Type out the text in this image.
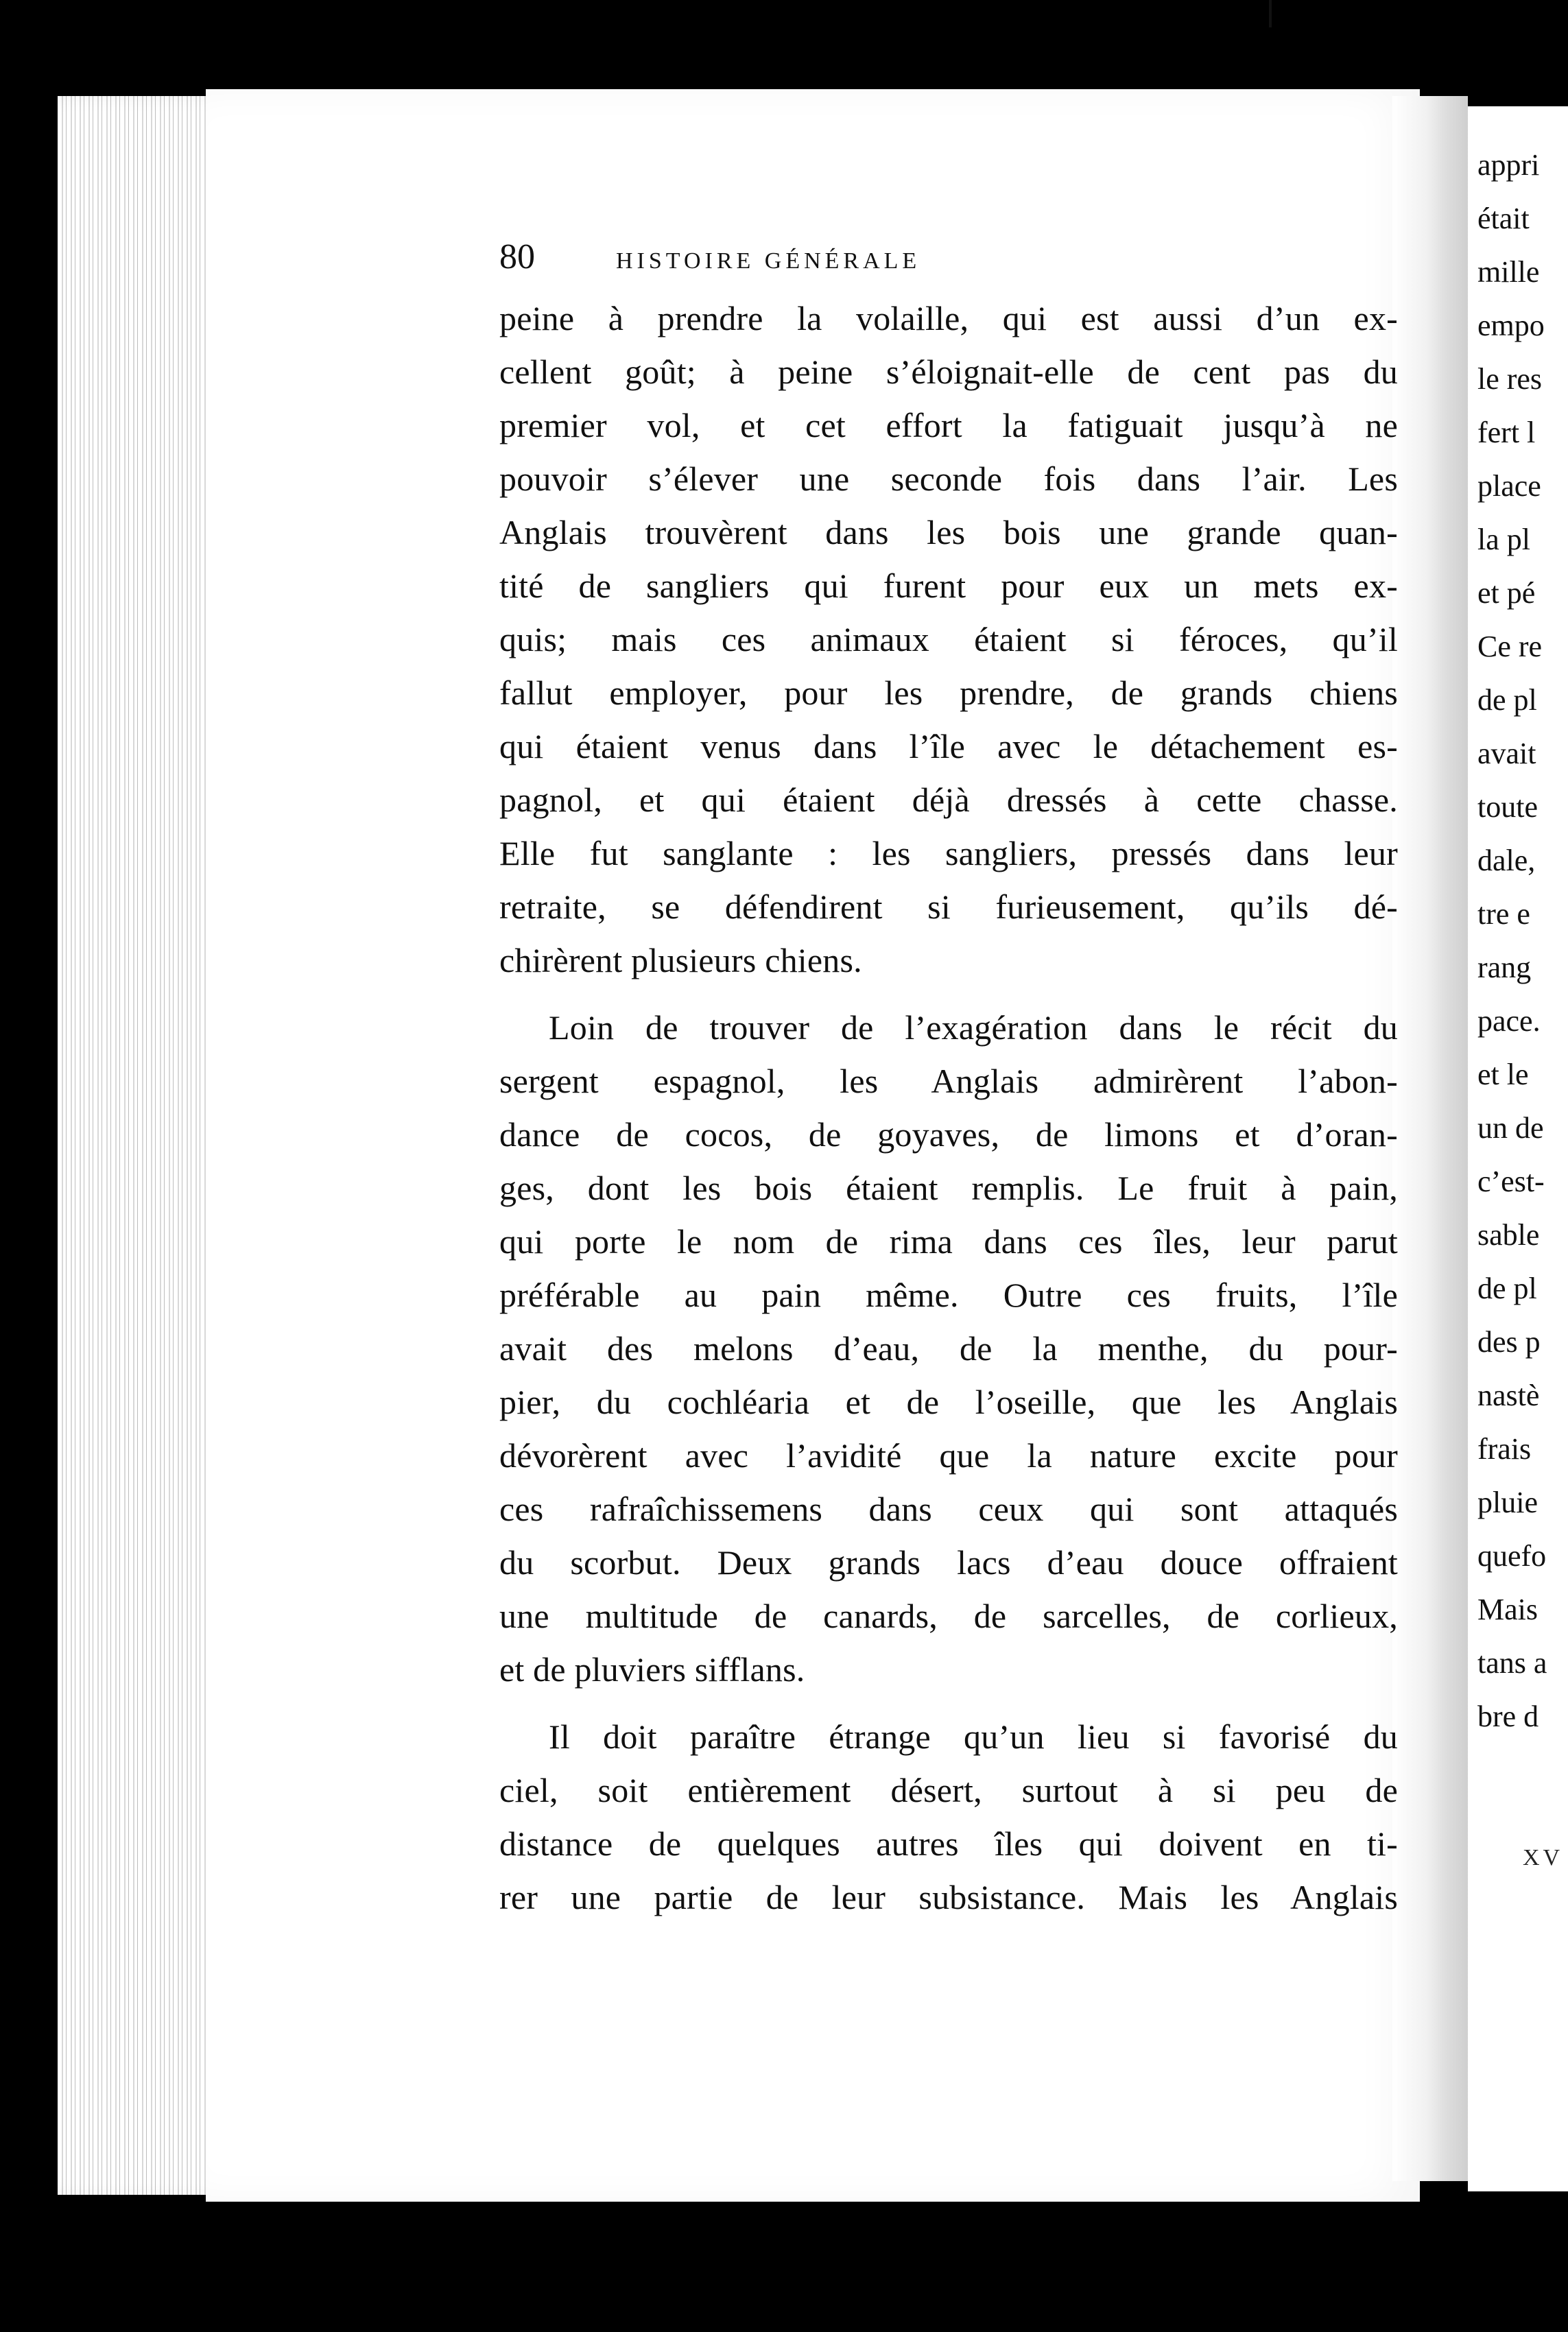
appri
était
mille
empo
le res
fert l
place
la pl
et pé
Ce re
de pl
avait
toute
dale,
tre e
rang
pace.
et le
un de
c’est-
sable
de pl
des p
nastè
frais
pluie
quefo
Mais
tans a
bre d
XV
80	HISTOIRE GÉNÉRALE
peine à prendre la volaille, qui est aussi d’un ex-
cellent goût; à peine s’éloignait-elle de cent pas du
premier vol, et cet effort la fatiguait jusqu’à ne
pouvoir s’élever une seconde fois dans l’air. Les
Anglais trouvèrent dans les bois une grande quan-
tité de sangliers qui furent pour eux un mets ex-
quis; mais ces animaux étaient si féroces, qu’il
fallut employer, pour les prendre, de grands chiens
qui étaient venus dans l’île avec le détachement es-
pagnol, et qui étaient déjà dressés à cette chasse.
Elle fut sanglante : les sangliers, pressés dans leur
retraite, se défendirent si furieusement, qu’ils dé-
chirèrent plusieurs chiens.
Loin de trouver de l’exagération dans le récit du
sergent espagnol, les Anglais admirèrent l’abon-
dance de cocos, de goyaves, de limons et d’oran-
ges, dont les bois étaient remplis. Le fruit à pain,
qui porte le nom de rima dans ces îles, leur parut
préférable au pain même. Outre ces fruits, l’île
avait des melons d’eau, de la menthe, du pour-
pier, du cochléaria et de l’oseille, que les Anglais
dévorèrent avec l’avidité que la nature excite pour
ces rafraîchissemens dans ceux qui sont attaqués
du scorbut. Deux grands lacs d’eau douce offraient
une multitude de canards, de sarcelles, de corlieux,
et de pluviers sifflans.
Il doit paraître étrange qu’un lieu si favorisé du
ciel, soit entièrement désert, surtout à si peu de
distance de quelques autres îles qui doivent en ti-
rer une partie de leur subsistance. Mais les Anglais
